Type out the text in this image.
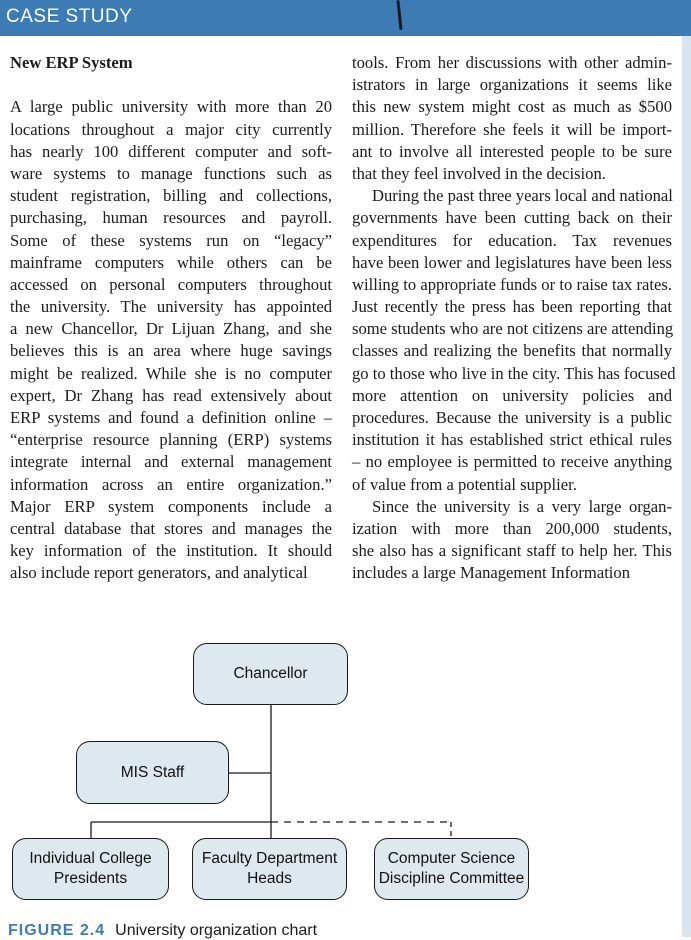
CASE STUDY
New ERP System
A large public university with more than 20
locations throughout a major city currently
has nearly 100 different computer and soft-
ware systems to manage functions such as
student registration, billing and collections,
purchasing, human resources and payroll.
Some of these systems run on “legacy”
mainframe computers while others can be
accessed on personal computers throughout
the university. The university has appointed
a new Chancellor, Dr Lijuan Zhang, and she
believes this is an area where huge savings
might be realized. While she is no computer
expert, Dr Zhang has read extensively about
ERP systems and found a definition online –
“enterprise resource planning (ERP) systems
integrate internal and external management
information across an entire organization.”
Major ERP system components include a
central database that stores and manages the
key information of the institution. It should
also include report generators, and analytical
tools. From her discussions with other admin-
istrators in large organizations it seems like
this new system might cost as much as $500
million. Therefore she feels it will be import-
ant to involve all interested people to be sure
that they feel involved in the decision.
During the past three years local and national
governments have been cutting back on their
expenditures for education. Tax revenues
have been lower and legislatures have been less
willing to appropriate funds or to raise tax rates.
Just recently the press has been reporting that
some students who are not citizens are attending
classes and realizing the benefits that normally
go to those who live in the city. This has focused
more attention on university policies and
procedures. Because the university is a public
institution it has established strict ethical rules
– no employee is permitted to receive anything
of value from a potential supplier.
Since the university is a very large organ-
ization with more than 200,000 students,
she also has a significant staff to help her. This
includes a large Management Information
Chancellor
MIS Staff
Individual College
Presidents
Faculty Department
Heads
Computer Science
Discipline Committee
FIGURE 2.4 University organization chart
